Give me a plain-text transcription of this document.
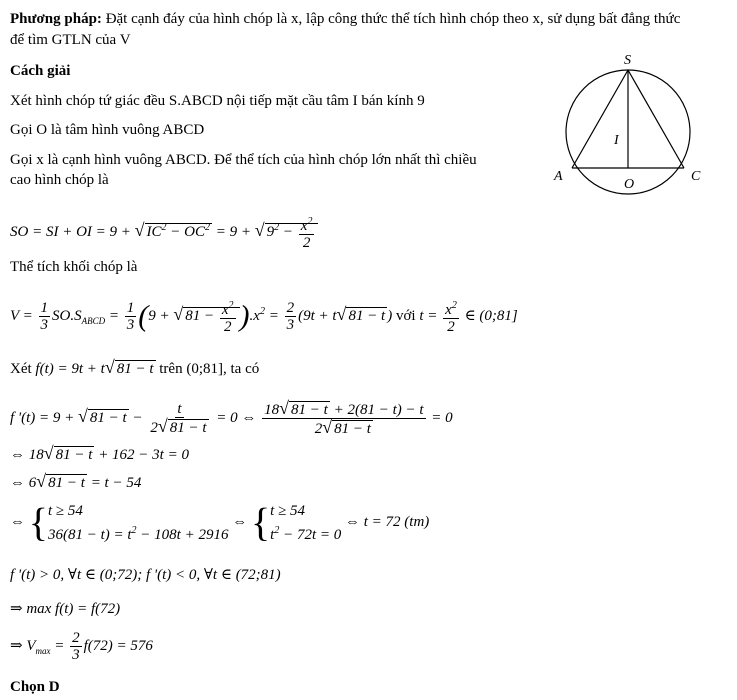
Phương pháp: Đặt cạnh đáy của hình chóp là x, lập công thức thể tích hình chóp theo x, sử dụng bất đẳng thức
để tìm GTLN của V
Cách giải
Xét hình chóp tứ giác đều S.ABCD nội tiếp mặt cầu tâm I bán kính 9
Gọi O là tâm hình vuông ABCD
Gọi x là cạnh hình vuông ABCD. Để thể tích của hình chóp lớn nhất thì chiều
cao hình chóp là
S
I
A
O
C
SO = SI + OI = 9 + √ $IC^2 - OC^2 = 9$ + √ $9^2 - \frac{x^2}{2}$
Thể tích khối chóp là
$V = \frac{1}{3} SO.S_{ABCD} = \frac{1}{3} (9$ + √ $81 - \frac{x^2}{2} ).x^2 = \frac{2}{3} (9t + t√$ 81 − t ) với $t = \frac{x^2}{2}$ ∈ (0;81]
Xét f(t) = 9t + t√ 81 − t trên (0;81], ta có
f '(t) = 9 + √ $81 - t - \frac{t}{2√ 81 - t} = 0$ ⇔ $\frac{18√ 81 - t + 2(81 - t) - t}{2√ 81 - t} = 0$
⇔ 18√ 81 − t + 162 − 3t = 0
⇔ 6√ 81 − t = t − 54
⇔ { t ≥ 54
$36(81 - t) = t^2 - 108t + 2916$
⇔ { t ≥ 54
$t^2 - 72t = 0$
⇔ t = 72 (tm)
f '(t) > 0, ∀t ∈ (0;72); f '(t) < 0, ∀t ∈ (72;81)
⇒ max f(t) = f(72)
⇒ $V_{max} = \frac{2}{3} f(72) = 576$
Chọn D
